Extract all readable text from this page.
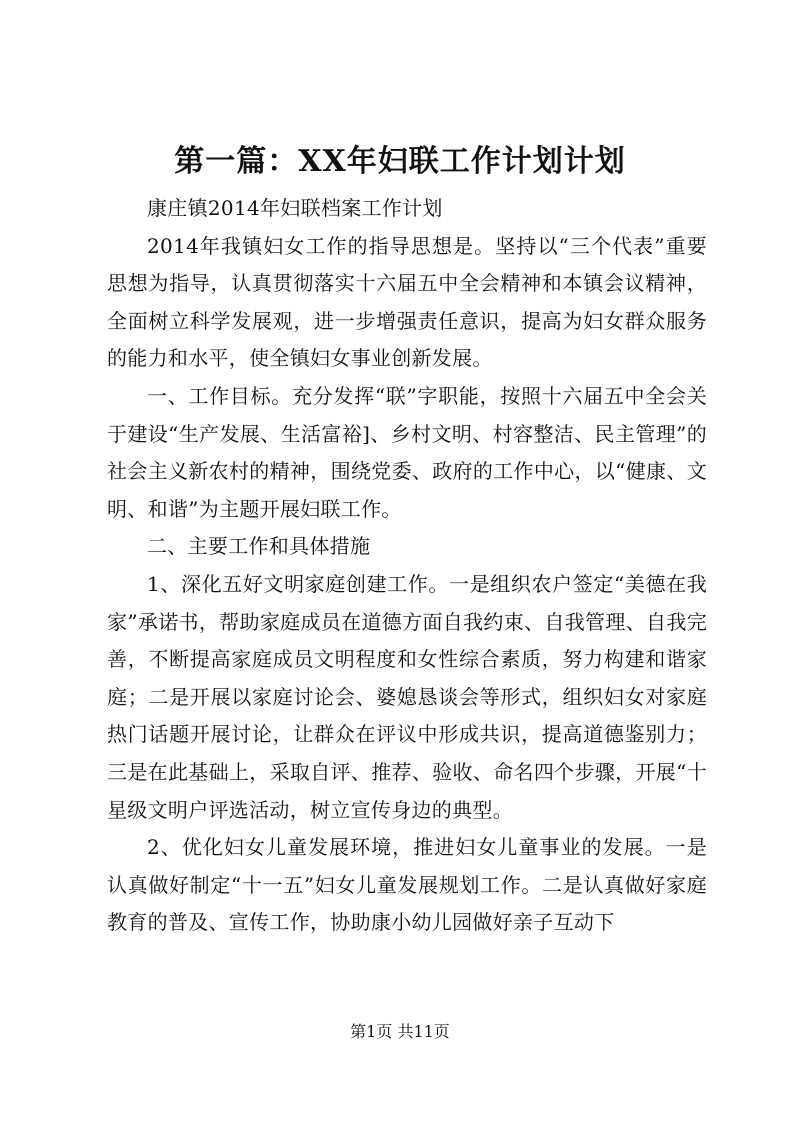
第一篇：XX年妇联工作计划计划

康庄镇2014年妇联档案工作计划

2014年我镇妇女工作的指导思想是。坚持以“三个代表”重要思想为指导，认真贯彻落实十六届五中全会精神和本镇会议精神，全面树立科学发展观，进一步增强责任意识，提高为妇女群众服务的能力和水平，使全镇妇女事业创新发展。

一、工作目标。充分发挥“联”字职能，按照十六届五中全会关于建设“生产发展、生活富裕]、乡村文明、村容整洁、民主管理”的社会主义新农村的精神，围绕党委、政府的工作中心，以“健康、文明、和谐”为主题开展妇联工作。

二、主要工作和具体措施

1、深化五好文明家庭创建工作。一是组织农户签定“美德在我家”承诺书，帮助家庭成员在道德方面自我约束、自我管理、自我完善，不断提高家庭成员文明程度和女性综合素质，努力构建和谐家庭；二是开展以家庭讨论会、婆媳恳谈会等形式，组织妇女对家庭热门话题开展讨论，让群众在评议中形成共识，提高道德鉴别力；三是在此基础上，采取自评、推荐、验收、命名四个步骤，开展“十星级文明户评选活动，树立宣传身边的典型。

2、优化妇女儿童发展环境，推进妇女儿童事业的发展。一是认真做好制定“十一五”妇女儿童发展规划工作。二是认真做好家庭教育的普及、宣传工作，协助康小幼儿园做好亲子互动下

第1页 共11页
